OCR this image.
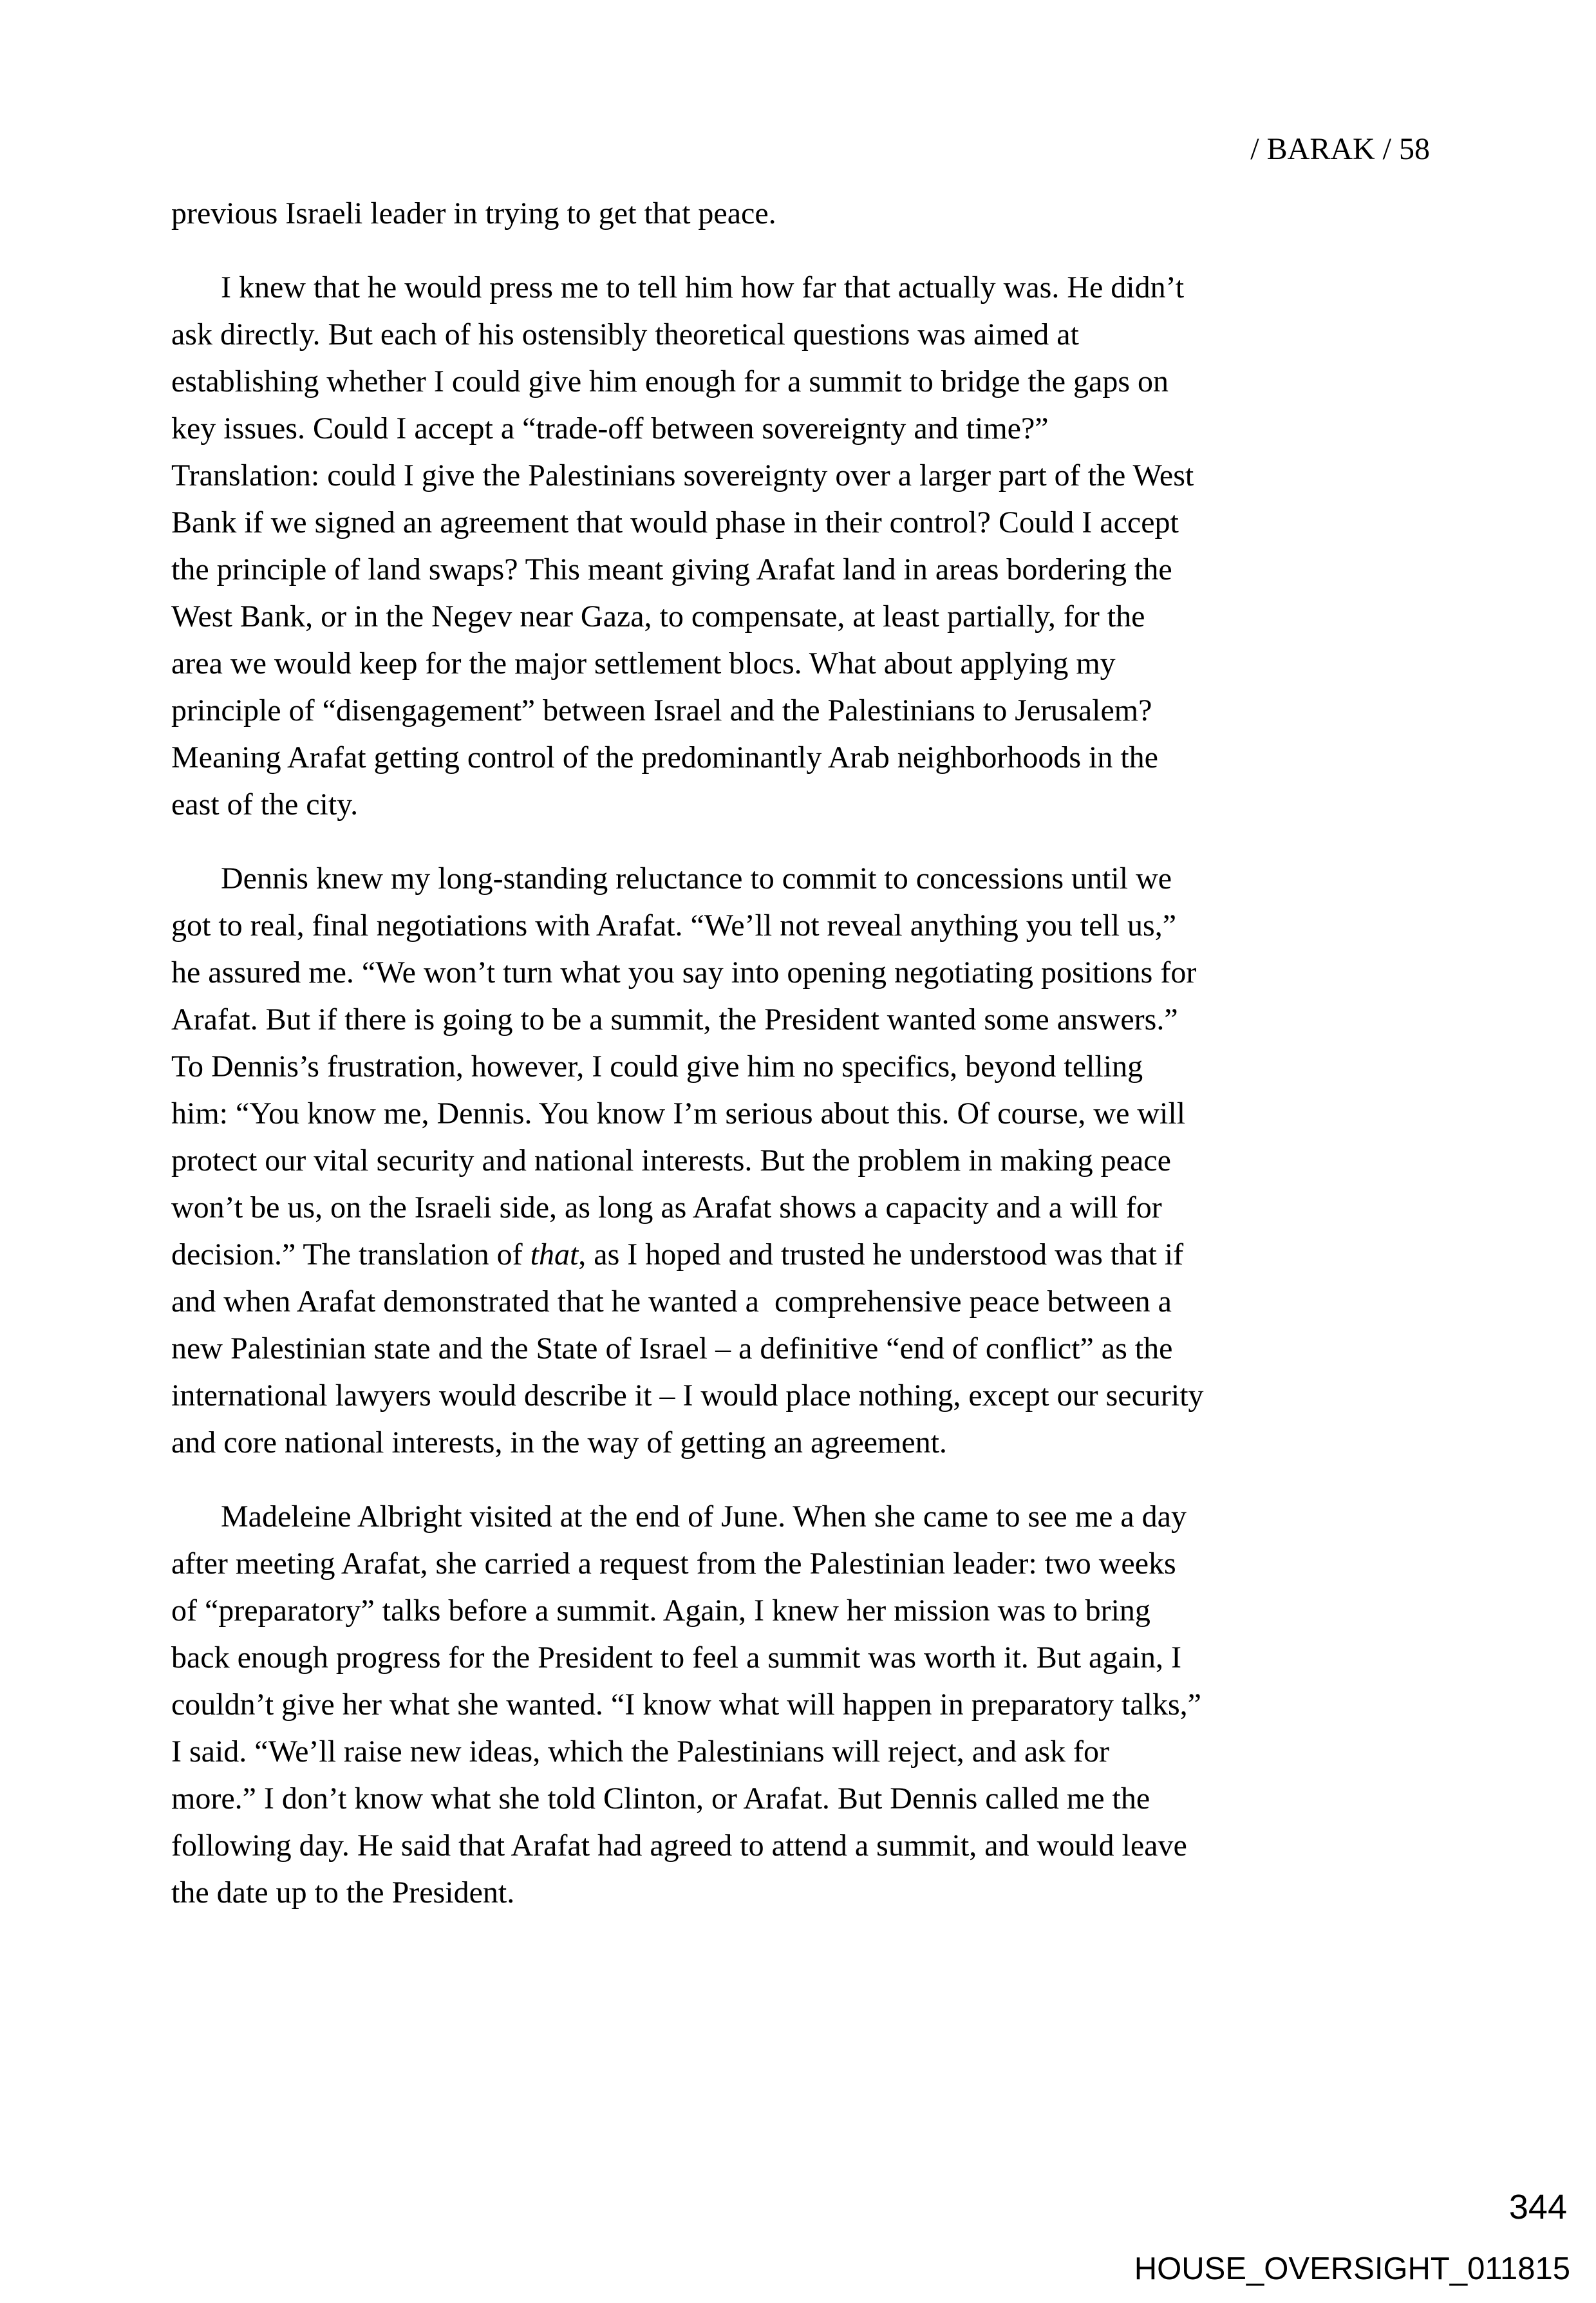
/ BARAK / 58

previous Israeli leader in trying to get that peace.

I knew that he would press me to tell him how far that actually was. He didn’t
ask directly. But each of his ostensibly theoretical questions was aimed at
establishing whether I could give him enough for a summit to bridge the gaps on
key issues. Could I accept a “trade-off between sovereignty and time?”
Translation: could I give the Palestinians sovereignty over a larger part of the West
Bank if we signed an agreement that would phase in their control? Could I accept
the principle of land swaps? This meant giving Arafat land in areas bordering the
West Bank, or in the Negev near Gaza, to compensate, at least partially, for the
area we would keep for the major settlement blocs. What about applying my
principle of “disengagement” between Israel and the Palestinians to Jerusalem?
Meaning Arafat getting control of the predominantly Arab neighborhoods in the
east of the city.

Dennis knew my long-standing reluctance to commit to concessions until we
got to real, final negotiations with Arafat. “We’ll not reveal anything you tell us,”
he assured me. “We won’t turn what you say into opening negotiating positions for
Arafat. But if there is going to be a summit, the President wanted some answers.”
To Dennis’s frustration, however, I could give him no specifics, beyond telling
him: “You know me, Dennis. You know I’m serious about this. Of course, we will
protect our vital security and national interests. But the problem in making peace
won’t be us, on the Israeli side, as long as Arafat shows a capacity and a will for
decision.” The translation of that, as I hoped and trusted he understood was that if
and when Arafat demonstrated that he wanted a  comprehensive peace between a
new Palestinian state and the State of Israel – a definitive “end of conflict” as the
international lawyers would describe it – I would place nothing, except our security
and core national interests, in the way of getting an agreement.

Madeleine Albright visited at the end of June. When she came to see me a day
after meeting Arafat, she carried a request from the Palestinian leader: two weeks
of “preparatory” talks before a summit. Again, I knew her mission was to bring
back enough progress for the President to feel a summit was worth it. But again, I
couldn’t give her what she wanted. “I know what will happen in preparatory talks,”
I said. “We’ll raise new ideas, which the Palestinians will reject, and ask for
more.” I don’t know what she told Clinton, or Arafat. But Dennis called me the
following day. He said that Arafat had agreed to attend a summit, and would leave
the date up to the President.

344
HOUSE_OVERSIGHT_011815
